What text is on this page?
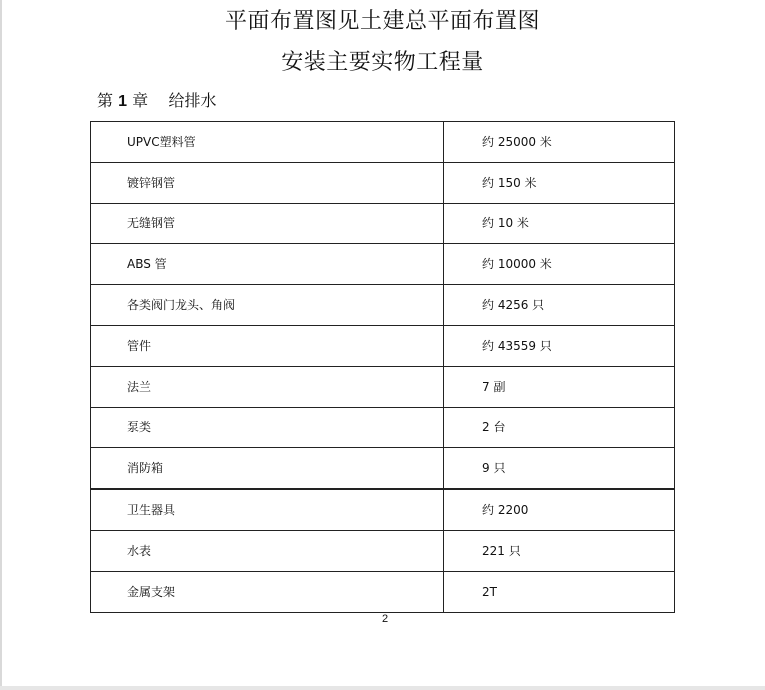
平面布置图见土建总平面布置图
安装主要实物工程量
第 1 章    给排水
UPVC塑料管	约 25000 米
镀锌钢管	约 150 米
无缝钢管	约 10 米
ABS 管	约 10000 米
各类阀门龙头、角阀	约 4256 只
管件	约 43559 只
法兰	7 副
泵类	2 台
消防箱	9 只
卫生器具	约 2200
水表	221 只
金属支架	2T
2
